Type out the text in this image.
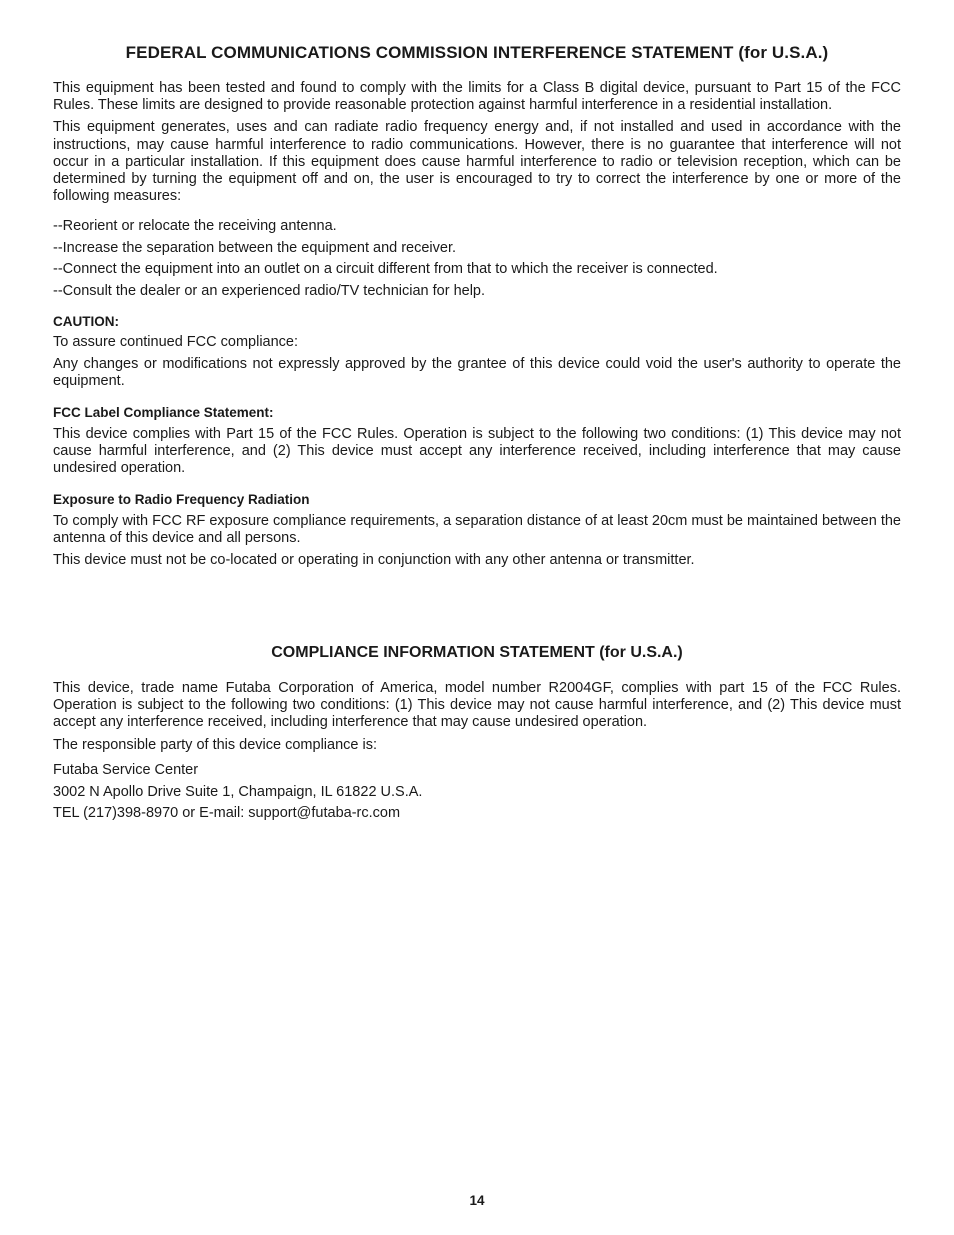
FEDERAL COMMUNICATIONS COMMISSION INTERFERENCE STATEMENT (for U.S.A.)

This equipment has been tested and found to comply with the limits for a Class B digital device, pursuant to Part 15 of the FCC Rules. These limits are designed to provide reasonable protection against harmful interference in a residential installation.

This equipment generates, uses and can radiate radio frequency energy and, if not installed and used in accordance with the instructions, may cause harmful interference to radio communications. However, there is no guarantee that interference will not occur in a particular installation. If this equipment does cause harmful interference to radio or television reception, which can be determined by turning the equipment off and on, the user is encouraged to try to correct the interference by one or more of the following measures:

--Reorient or relocate the receiving antenna.
--Increase the separation between the equipment and receiver.
--Connect the equipment into an outlet on a circuit different from that to which the receiver is connected.
--Consult the dealer or an experienced radio/TV technician for help.
CAUTION:

To assure continued FCC compliance:

Any changes or modifications not expressly approved by the grantee of this device could void the user's authority to operate the equipment.

FCC Label Compliance Statement:

This device complies with Part 15 of the FCC Rules. Operation is subject to the following two conditions: (1) This device may not cause harmful interference, and (2) This device must accept any interference received, including interference that may cause undesired operation.

Exposure to Radio Frequency Radiation

To comply with FCC RF exposure compliance requirements, a separation distance of at least 20cm must be maintained between the antenna of this device and all persons.

This device must not be co-located or operating in conjunction with any other antenna or transmitter.

COMPLIANCE INFORMATION STATEMENT (for U.S.A.)

This device, trade name Futaba Corporation of America, model number R2004GF, complies with part 15 of the FCC Rules. Operation is subject to the following two conditions: (1) This device may not cause harmful interference, and (2) This device must accept any interference received, including interference that may cause undesired operation.

The responsible party of this device compliance is:

Futaba Service Center
3002 N Apollo Drive Suite 1, Champaign, IL 61822 U.S.A.
TEL (217)398-8970 or E-mail: support@futaba-rc.com
14
